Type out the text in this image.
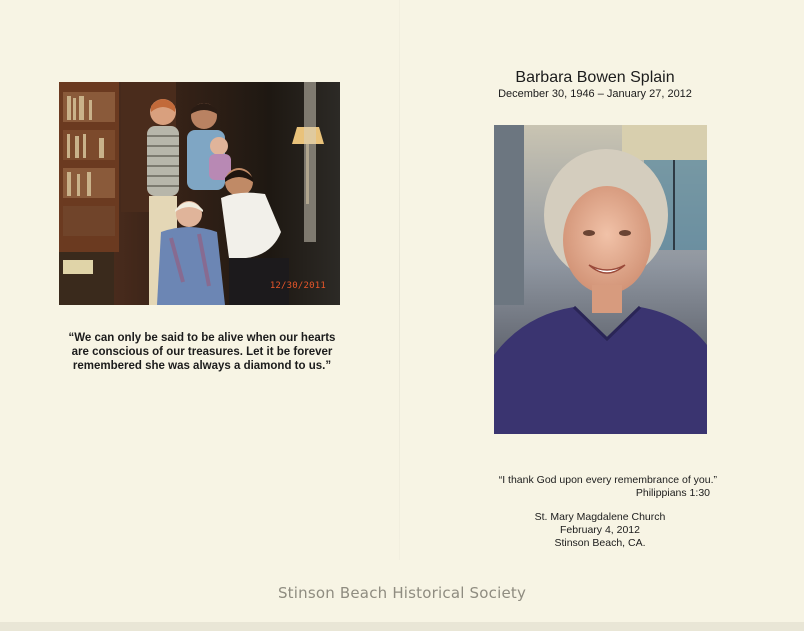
12/30/2011
“We can only be said to be alive when our hearts
are conscious of our treasures. Let it be forever
remembered she was always a diamond to us.”
Barbara Bowen Splain
December 30, 1946 – January 27, 2012
“I thank God upon every remembrance of you.”
Philippians 1:30
St. Mary Magdalene Church
February 4, 2012
Stinson Beach, CA.
Stinson Beach Historical Society
